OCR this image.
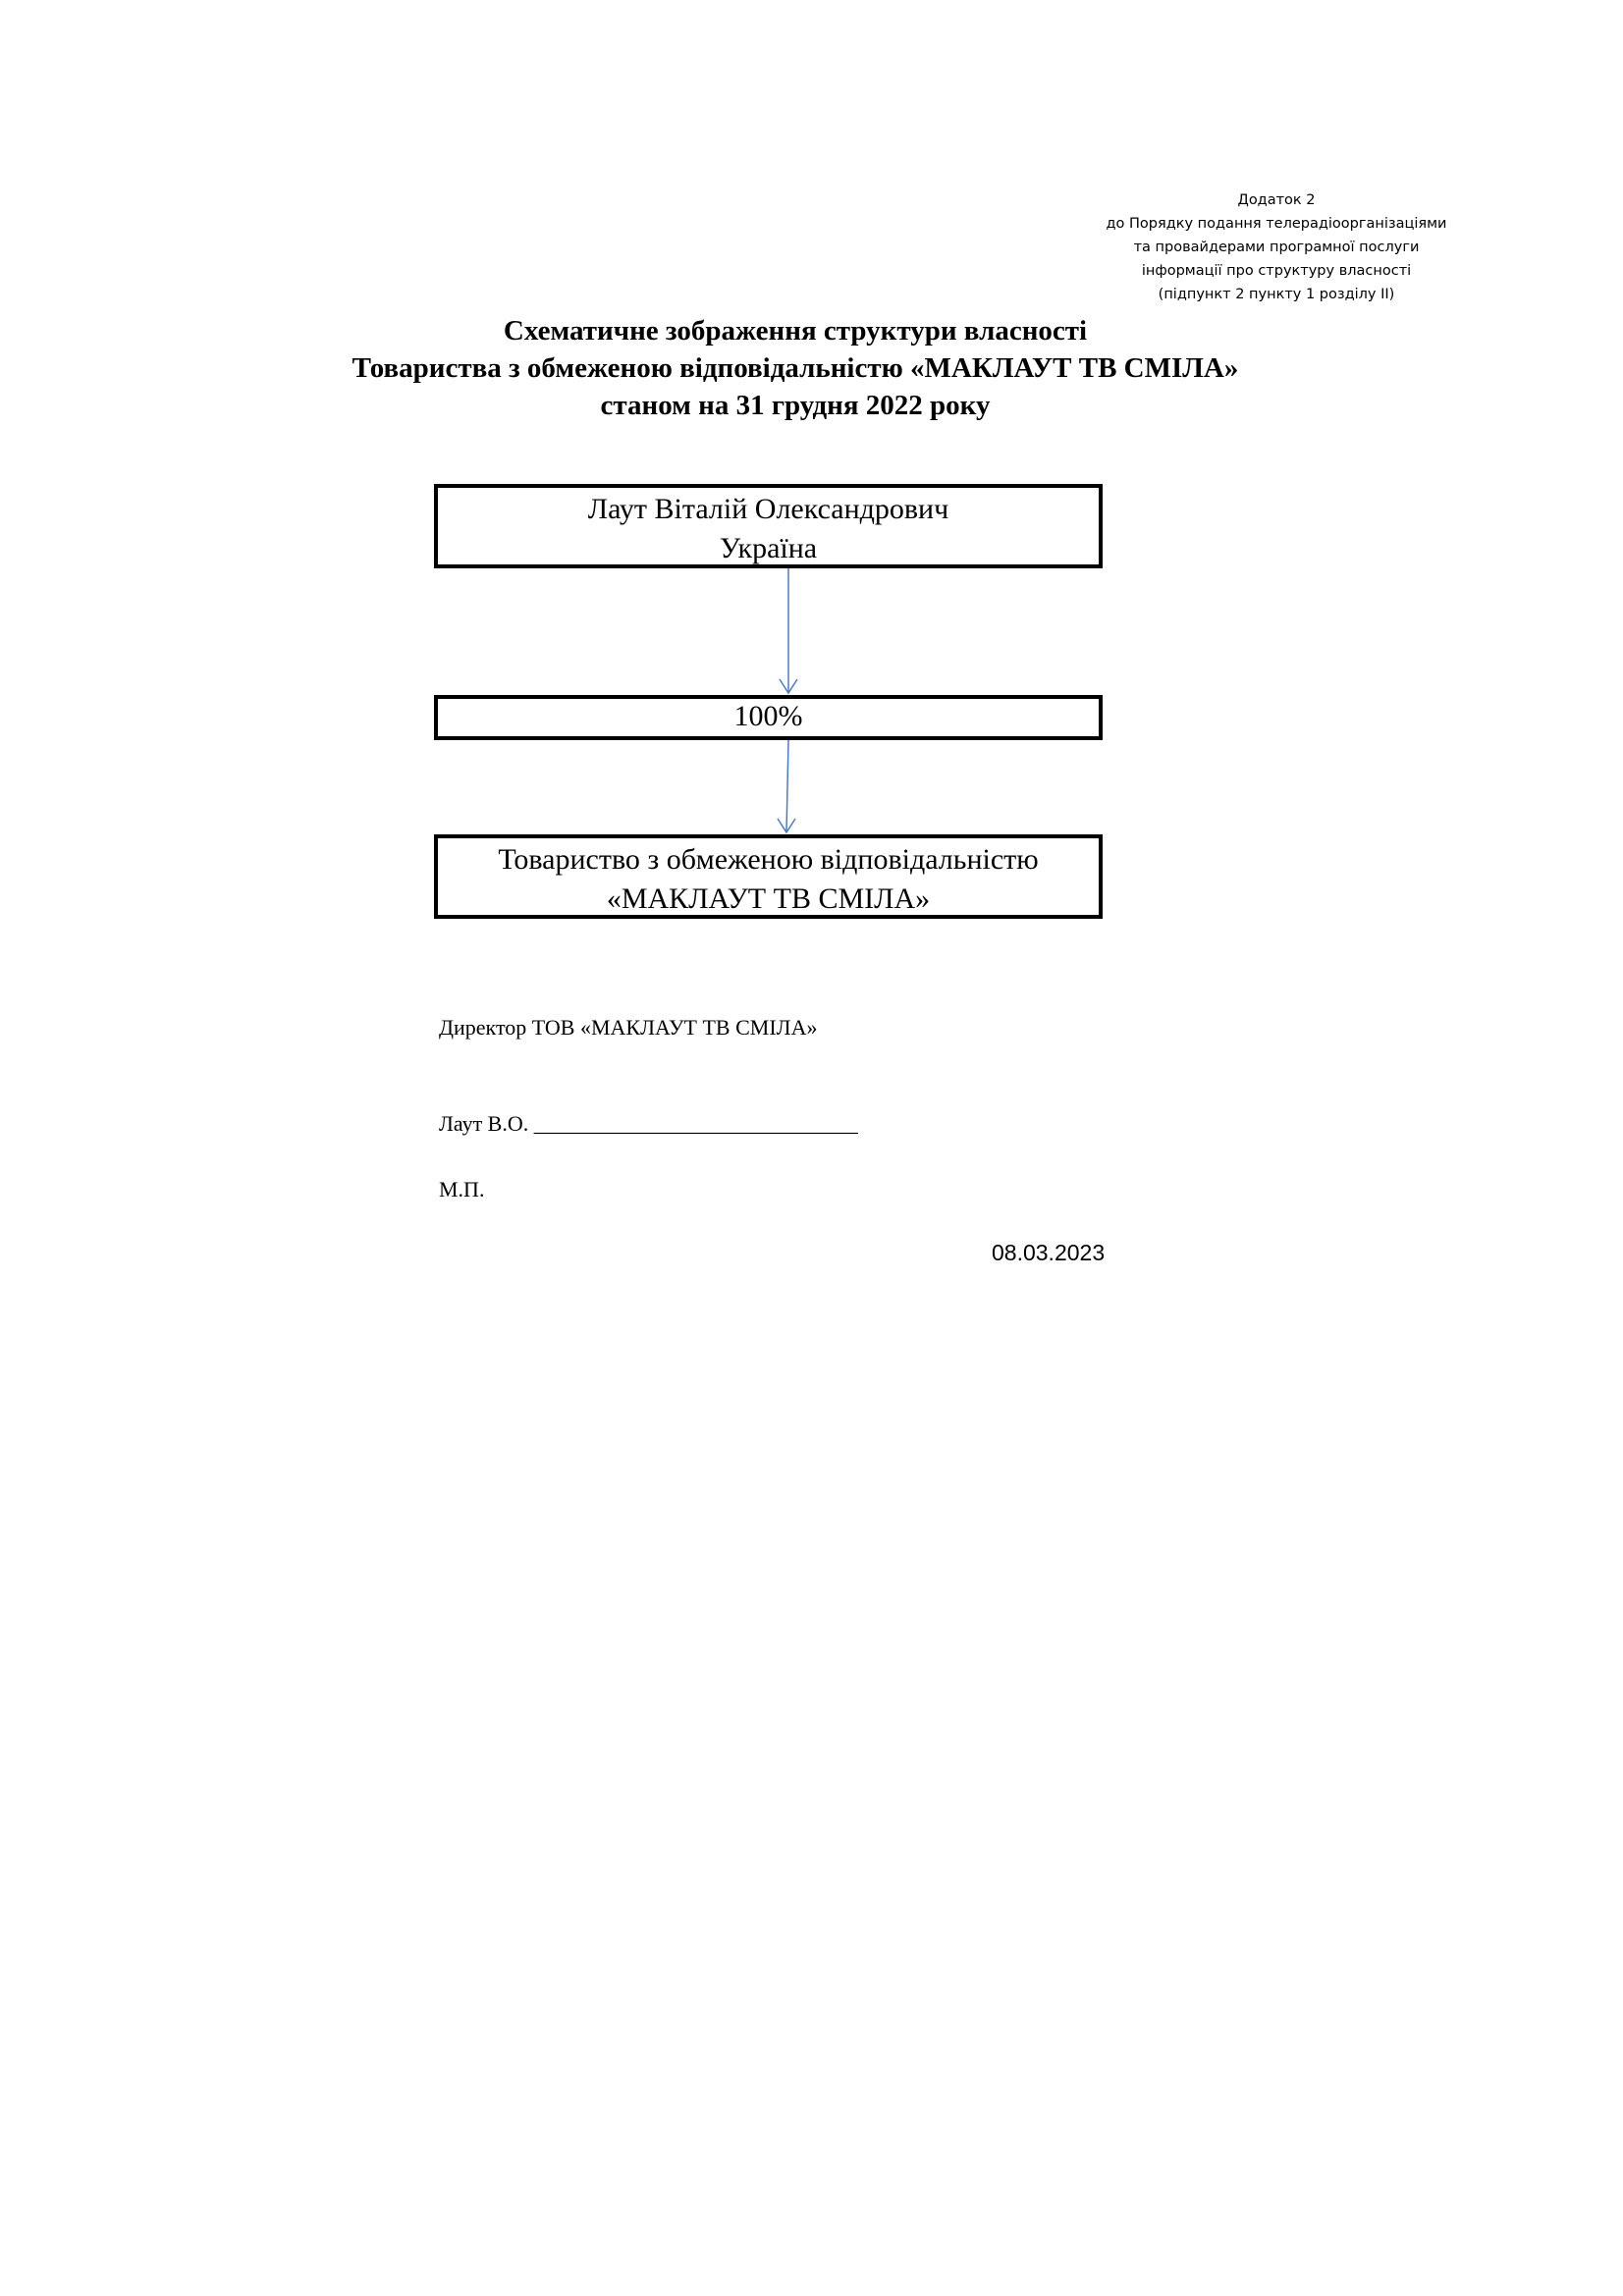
Додаток 2
до Порядку подання телерадіоорганізаціями
та провайдерами програмної послуги
інформації про структуру власності
(підпункт 2 пункту 1 розділу ІІ)
Схематичне зображення структури власності
Товариства з обмеженою відповідальністю «МАКЛАУТ ТВ СМІЛА»
станом на 31 грудня 2022 року
Лаут Віталій Олександрович
Україна
100%
Товариство з обмеженою відповідальністю
«МАКЛАУТ ТВ СМІЛА»
Директор ТОВ «МАКЛАУТ ТВ СМІЛА»
Лаут В.О. ______________________________
М.П.
08.03.2023
